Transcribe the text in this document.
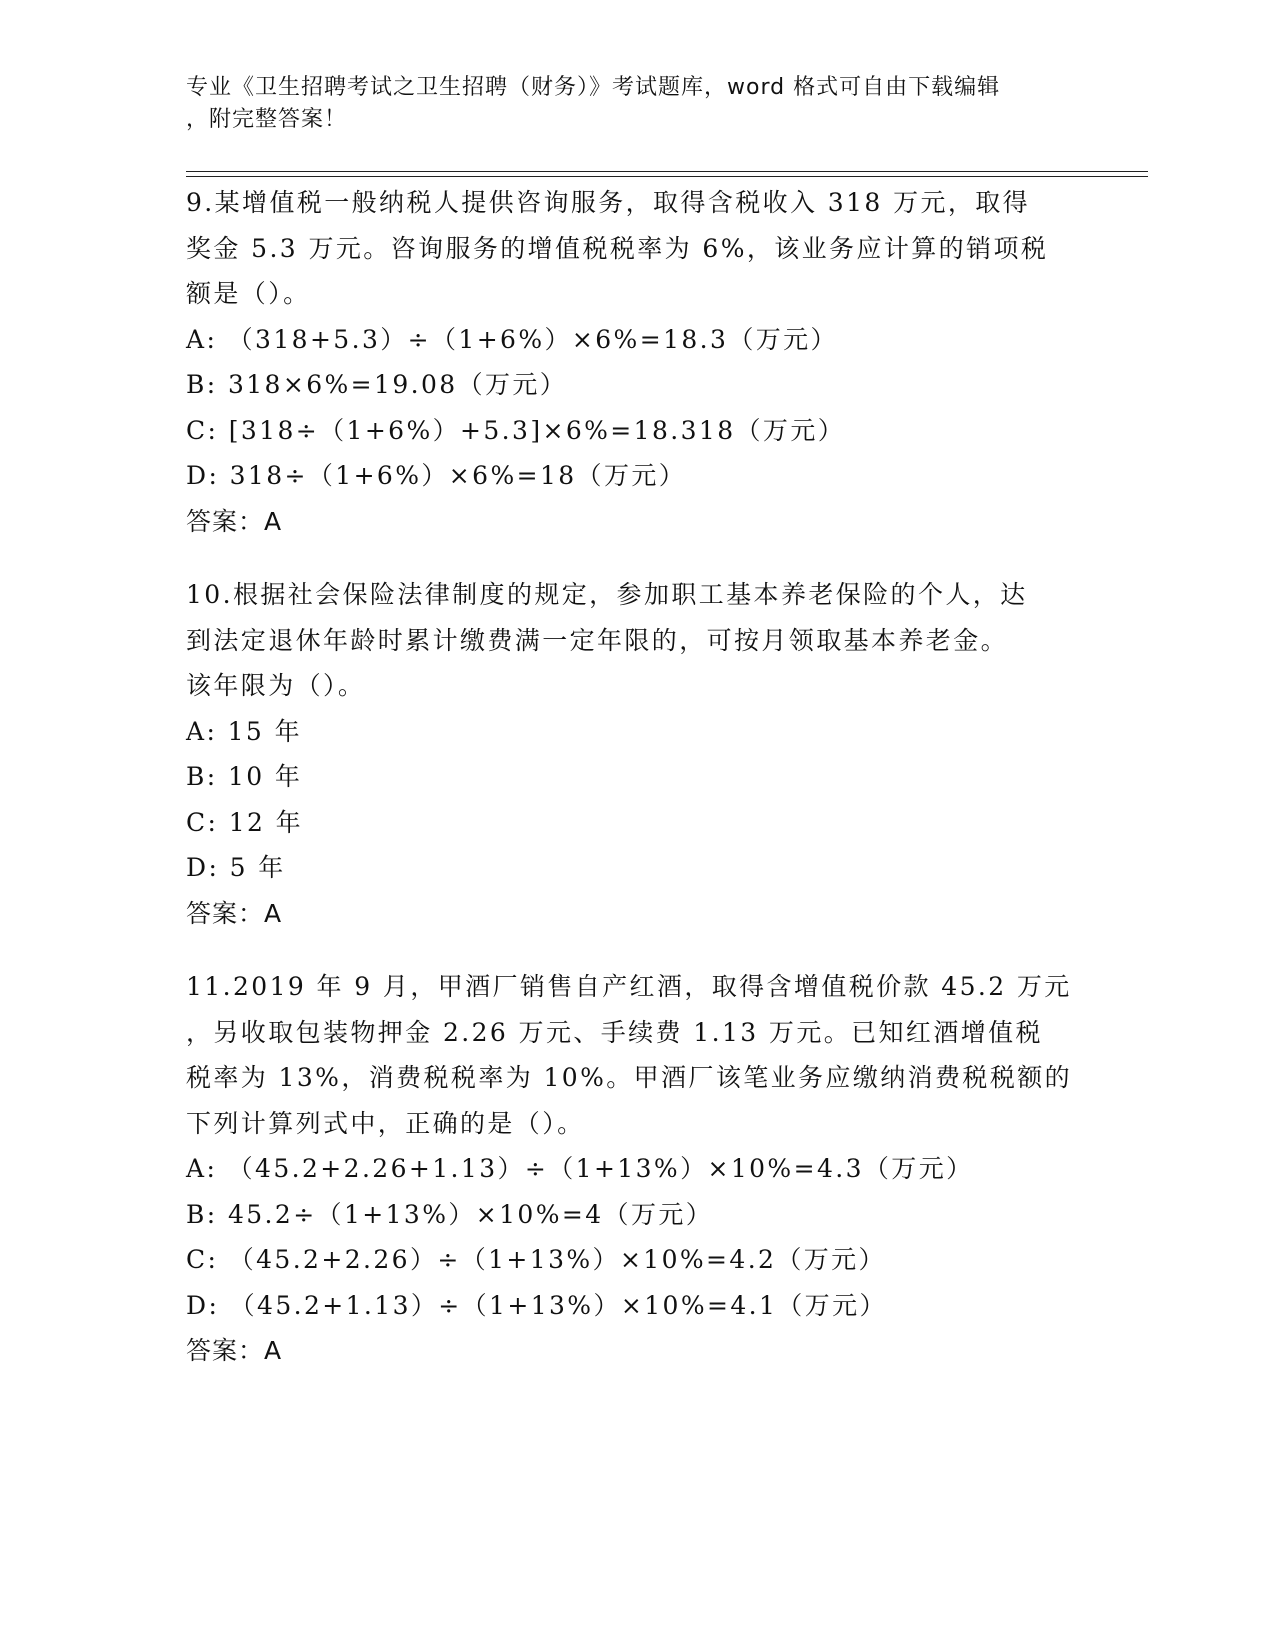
专业《卫生招聘考试之卫生招聘（财务）》考试题库，word 格式可自由下载编辑
，附完整答案！
9.某增值税一般纳税人提供咨询服务，取得含税收入 318 万元，取得
奖金 5.3 万元。咨询服务的增值税税率为 6%，该业务应计算的销项税
额是（）。
A: （318+5.3）÷（1+6%）×6%=18.3（万元）
B: 318×6%=19.08（万元）
C: [318÷（1+6%）+5.3]×6%=18.318（万元）
D: 318÷（1+6%）×6%=18（万元）
答案：A
10.根据社会保险法律制度的规定，参加职工基本养老保险的个人，达
到法定退休年龄时累计缴费满一定年限的，可按月领取基本养老金。
该年限为（）。
A: 15 年
B: 10 年
C: 12 年
D: 5 年
答案：A
11.2019 年 9 月，甲酒厂销售自产红酒，取得含增值税价款 45.2 万元
，另收取包装物押金 2.26 万元、手续费 1.13 万元。已知红酒增值税
税率为 13%，消费税税率为 10%。甲酒厂该笔业务应缴纳消费税税额的
下列计算列式中，正确的是（）。
A: （45.2+2.26+1.13）÷（1+13%）×10%=4.3（万元）
B: 45.2÷（1+13%）×10%=4（万元）
C: （45.2+2.26）÷（1+13%）×10%=4.2（万元）
D: （45.2+1.13）÷（1+13%）×10%=4.1（万元）
答案：A
